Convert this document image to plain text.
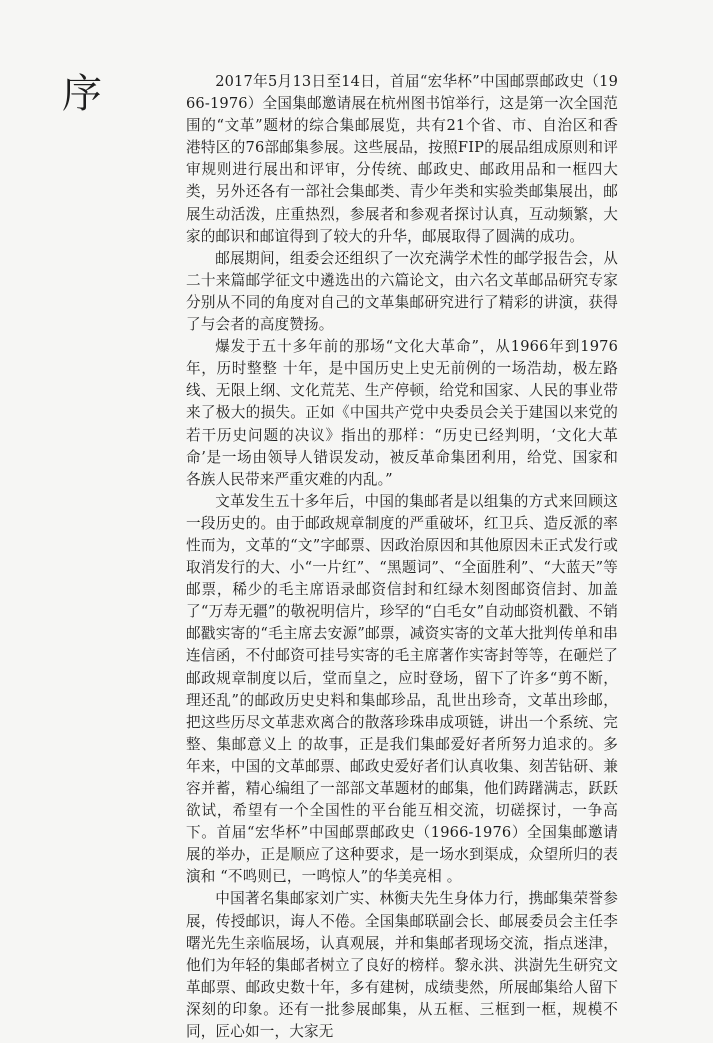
序	2017年5月13日至14日，首届“宏华杯”中国邮票邮政史（1966-1976）全国集邮邀请展在杭州图书馆举行，这是第一次全国范围的“文革”题材的综合集邮展览，共有21个省、市、自治区和香港特区的76部邮集参展。这些展品，按照FIP的展品组成原则和评审规则进行展出和评审，分传统、邮政史、邮政用品和一框四大类，另外还各有一部社会集邮类、青少年类和实验类邮集展出，邮展生动活泼，庄重热烈，参展者和参观者探讨认真，互动频繁，大家的邮识和邮谊得到了较大的升华，邮展取得了圆满的成功。

邮展期间，组委会还组织了一次充满学术性的邮学报告会，从二十来篇邮学征文中遴选出的六篇论文，由六名文革邮品研究专家分别从不同的角度对自己的文革集邮研究进行了精彩的讲演，获得了与会者的高度赞扬。

爆发于五十多年前的那场“文化大革命”，从1966年到1976年，历时整整 十年，是中国历史上史无前例的一场浩劫，极左路线、无限上纲、文化荒芜、生产停顿，给党和国家、人民的事业带来了极大的损失。正如《中国共产党中央委员会关于建国以来党的若干历史问题的决议》指出的那样：“历史已经判明，‘文化大革命’是一场由领导人错误发动，被反革命集团利用，给党、国家和各族人民带来严重灾难的内乱。”

文革发生五十多年后，中国的集邮者是以组集的方式来回顾这一段历史的。由于邮政规章制度的严重破坏，红卫兵、造反派的率性而为，文革的“文”字邮票、因政治原因和其他原因未正式发行或取消发行的大、小“一片红”、“黑题词”、“全面胜利”、“大蓝天”等邮票，稀少的毛主席语录邮资信封和红绿木刻图邮资信封、加盖了“万寿无疆”的敬祝明信片，珍罕的“白毛女”自动邮资机戳、不销邮戳实寄的“毛主席去安源”邮票，减资实寄的文革大批判传单和串连信函，不付邮资可挂号实寄的毛主席著作实寄封等等，在砸烂了邮政规章制度以后，堂而皇之，应时登场，留下了许多“剪不断，理还乱”的邮政历史史料和集邮珍品，乱世出珍奇，文革出珍邮，把这些历尽文革悲欢离合的散落珍珠串成项链，讲出一个系统、完整、集邮意义上 的故事，正是我们集邮爱好者所努力追求的。多年来，中国的文革邮票、邮政史爱好者们认真收集、刻苦钻研、兼容并蓄，精心编组了一部部文革题材的邮集，他们踌躇满志，跃跃欲试，希望有一个全国性的平台能互相交流，切磋探讨，一争高下。首届“宏华杯”中国邮票邮政史（1966-1976）全国集邮邀请展的举办，正是顺应了这种要求，是一场水到渠成，众望所归的表演和 “不鸣则已，一鸣惊人”的华美亮相 。

中国著名集邮家刘广实、林衡夫先生身体力行，携邮集荣誉参展，传授邮识，诲人不倦。全国集邮联副会长、邮展委员会主任李曙光先生亲临展场，认真观展，并和集邮者现场交流，指点迷津，他们为年轻的集邮者树立了良好的榜样。黎永洪、洪澍先生研究文革邮票、邮政史数十年，多有建树，成绩斐然，所展邮集给人留下深刻的印象。还有一批参展邮集，从五框、三框到一框，规模不同，匠心如一，大家无
